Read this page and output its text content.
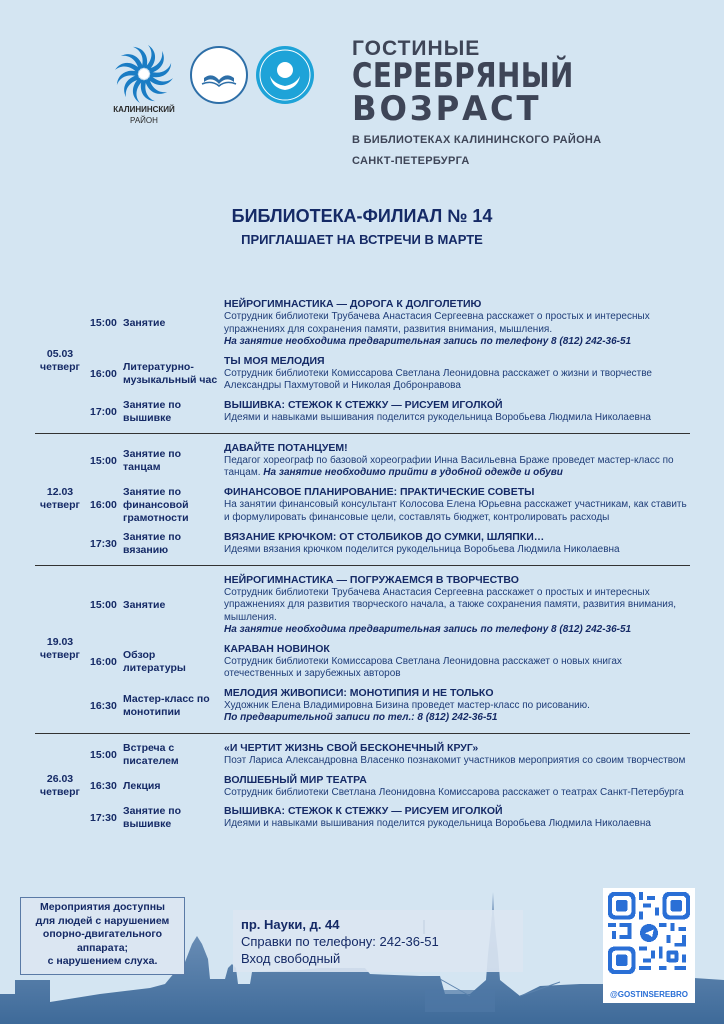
КАЛИНИНСКИЙ
РАЙОН
ГОСТИНЫЕ
СЕРЕБРЯНЫЙ
ВОЗРАСТ
В БИБЛИОТЕКАХ КАЛИНИНСКОГО РАЙОНА
САНКТ-ПЕТЕРБУРГА
БИБЛИОТЕКА-ФИЛИАЛ № 14
ПРИГЛАШАЕТ НА ВСТРЕЧИ В МАРТЕ
05.03
четверг
15:00 Занятие
НЕЙРОГИМНАСТИКА — ДОРОГА К ДОЛГОЛЕТИЮ
Сотрудник библиотеки Трубачева Анастасия Сергеевна расскажет о простых и интересных упражнениях для сохранения памяти, развития внимания, мышления.
На занятие необходима предварительная запись по телефону 8 (812) 242-36-51
16:00
Литературно-музыкальный час
ТЫ МОЯ МЕЛОДИЯ
Сотрудник библиотеки Комиссарова Светлана Леонидовна расскажет о жизни и творчестве Александры Пахмутовой и Николая Добронравова
17:00
Занятие по вышивке
ВЫШИВКА: СТЕЖОК К СТЕЖКУ — РИСУЕМ ИГОЛКОЙ
Идеями и навыками вышивания поделится рукодельница Воробьева Людмила Николаевна
12.03
четверг
15:00
Занятие по танцам
ДАВАЙТЕ ПОТАНЦУЕМ!
Педагог хореограф по базовой хореографии Инна Васильевна Браже проведет мастер-класс по танцам. На занятие необходимо прийти в удобной одежде и обуви
16:00
Занятие по финансовой грамотности
ФИНАНСОВОЕ ПЛАНИРОВАНИЕ: ПРАКТИЧЕСКИЕ СОВЕТЫ
На занятии финансовый консультант Колосова Елена Юрьевна расскажет участникам, как ставить и формулировать финансовые цели, составлять бюджет, контролировать расходы
17:30
Занятие по вязанию
ВЯЗАНИЕ КРЮЧКОМ: ОТ СТОЛБИКОВ ДО СУМКИ, ШЛЯПКИ…
Идеями вязания крючком поделится рукодельница Воробьева Людмила Николаевна
19.03
четверг
15:00 Занятие
НЕЙРОГИМНАСТИКА — ПОГРУЖАЕМСЯ В ТВОРЧЕСТВО
Сотрудник библиотеки Трубачева Анастасия Сергеевна расскажет о простых и интересных упражнениях для развития творческого начала, а также сохранения памяти, развития внимания, мышления.
На занятие необходима предварительная запись по телефону 8 (812) 242-36-51
16:00
Обзор литературы
КАРАВАН НОВИНОК
Сотрудник библиотеки Комиссарова Светлана Леонидовна расскажет о новых книгах отечественных и зарубежных авторов
16:30
Мастер-класс по монотипии
МЕЛОДИЯ ЖИВОПИСИ: МОНОТИПИЯ И НЕ ТОЛЬКО
Художник Елена Владимировна Бизина проведет мастер-класс по рисованию.
По предварительной записи по тел.: 8 (812) 242-36-51
26.03
четверг
15:00
Встреча с писателем
«И ЧЕРТИТ ЖИЗНЬ СВОЙ БЕСКОНЕЧНЫЙ КРУГ»
Поэт Лариса Александровна Власенко познакомит участников мероприятия со своим творчеством
16:30 Лекция
ВОЛШЕБНЫЙ МИР ТЕАТРА
Сотрудник библиотеки Светлана Леонидовна Комиссарова расскажет о театрах Санкт-Петербурга
17:30
Занятие по вышивке
ВЫШИВКА: СТЕЖОК К СТЕЖКУ — РИСУЕМ ИГОЛКОЙ
Идеями и навыками вышивания поделится рукодельница Воробьева Людмила Николаевна
Мероприятия доступны
для людей с нарушением
опорно-двигательного
аппарата;
с нарушением слуха.
пр. Науки, д. 44
Справки по телефону: 242-36-51
Вход свободный
@GOSTINSEREBRO
